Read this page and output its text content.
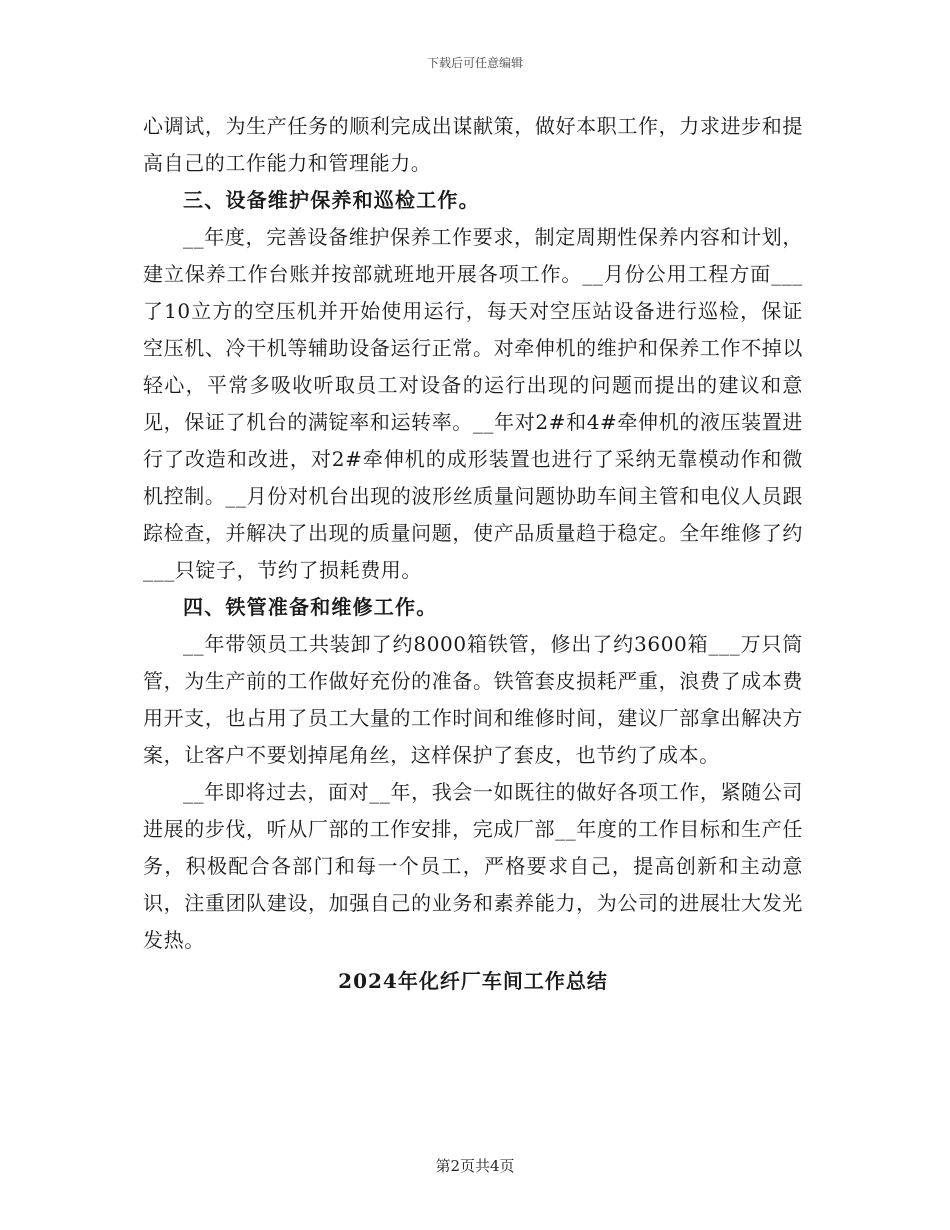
下载后可任意编辑

心调试，为生产任务的顺利完成出谋献策，做好本职工作，力求进步和提高自己的工作能力和管理能力。

三、设备维护保养和巡检工作。

__年度，完善设备维护保养工作要求，制定周期性保养内容和计划，建立保养工作台账并按部就班地开展各项工作。__月份公用工程方面___了10立方的空压机并开始使用运行，每天对空压站设备进行巡检，保证空压机、冷干机等辅助设备运行正常。对牵伸机的维护和保养工作不掉以轻心，平常多吸收听取员工对设备的运行出现的问题而提出的建议和意见，保证了机台的满锭率和运转率。__年对2#和4#牵伸机的液压装置进行了改造和改进，对2#牵伸机的成形装置也进行了采纳无靠模动作和微机控制。__月份对机台出现的波形丝质量问题协助车间主管和电仪人员跟踪检查，并解决了出现的质量问题，使产品质量趋于稳定。全年维修了约___只锭子，节约了损耗费用。

四、铁管准备和维修工作。

__年带领员工共装卸了约8000箱铁管，修出了约3600箱___万只筒管，为生产前的工作做好充份的准备。铁管套皮损耗严重，浪费了成本费用开支，也占用了员工大量的工作时间和维修时间，建议厂部拿出解决方案，让客户不要划掉尾角丝，这样保护了套皮，也节约了成本。

__年即将过去，面对__年，我会一如既往的做好各项工作，紧随公司进展的步伐，听从厂部的工作安排，完成厂部__年度的工作目标和生产任务，积极配合各部门和每一个员工，严格要求自己，提高创新和主动意识，注重团队建设，加强自己的业务和素养能力，为公司的进展壮大发光发热。

2024年化纤厂车间工作总结

第2页共4页
